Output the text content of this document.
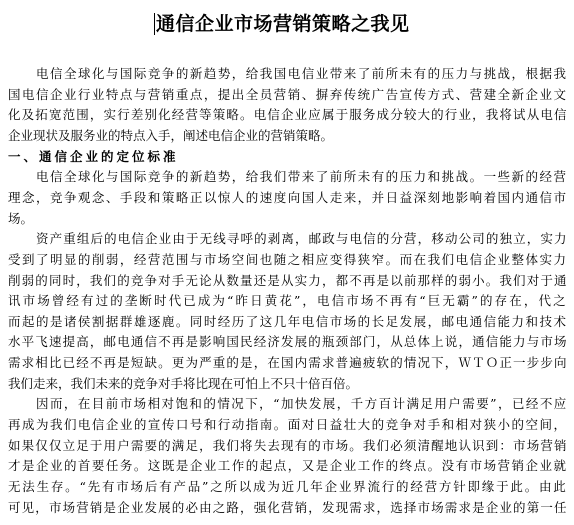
通信企业市场营销策略之我见
电信全球化与国际竞争的新趋势，给我国电信业带来了前所未有的压力与挑战，根据我
国电信企业行业特点与营销重点，提出全员营销、摒弃传统广告宣传方式、营建全新企业文
化及拓宽范围，实行差别化经营等策略。电信企业应属于服务成分较大的行业，我将试从电信
企业现状及服务业的特点入手，阐述电信企业的营销策略。
一、通信企业的定位标准
电信全球化与国际竞争的新趋势，给我们带来了前所未有的压力和挑战。一些新的经营
理念，竞争观念、手段和策略正以惊人的速度向国人走来，并日益深刻地影响着国内通信市
场。
资产重组后的电信企业由于无线寻呼的剥离，邮政与电信的分营，移动公司的独立，实力
受到了明显的削弱，经营范围与市场空间也随之相应变得狭窄。而在我们电信企业整体实力
削弱的同时，我们的竞争对手无论从数量还是从实力，都不再是以前那样的弱小。我们对于通
讯市场曾经有过的垄断时代已成为“昨日黄花”，电信市场不再有“巨无霸”的存在，代之
而起的是诸侯割据群雄逐鹿。同时经历了这几年电信市场的长足发展，邮电通信能力和技术
水平飞速提高，邮电通信不再是影响国民经济发展的瓶颈部门，从总体上说，通信能力与市场
需求相比已经不再是短缺。更为严重的是，在国内需求普遍疲软的情况下，ＷＴＯ正一步步向
我们走来，我们未来的竞争对手将比现在可怕上不只十倍百倍。
因而，在目前市场相对饱和的情况下，“加快发展，千方百计满足用户需要”，已经不应
再成为我们电信企业的宣传口号和行动指南。面对日益壮大的竞争对手和相对狭小的空间，
如果仅仅立足于用户需要的满足，我们将失去现有的市场。我们必须清醒地认识到：市场营销
才是企业的首要任务。这既是企业工作的起点，又是企业工作的终点。没有市场营销企业就
无法生存。“先有市场后有产品”之所以成为近几年企业界流行的经营方针即缘于此。由此
可见，市场营销是企业发展的必由之路，强化营销，发现需求，选择市场需求是企业的第一任
